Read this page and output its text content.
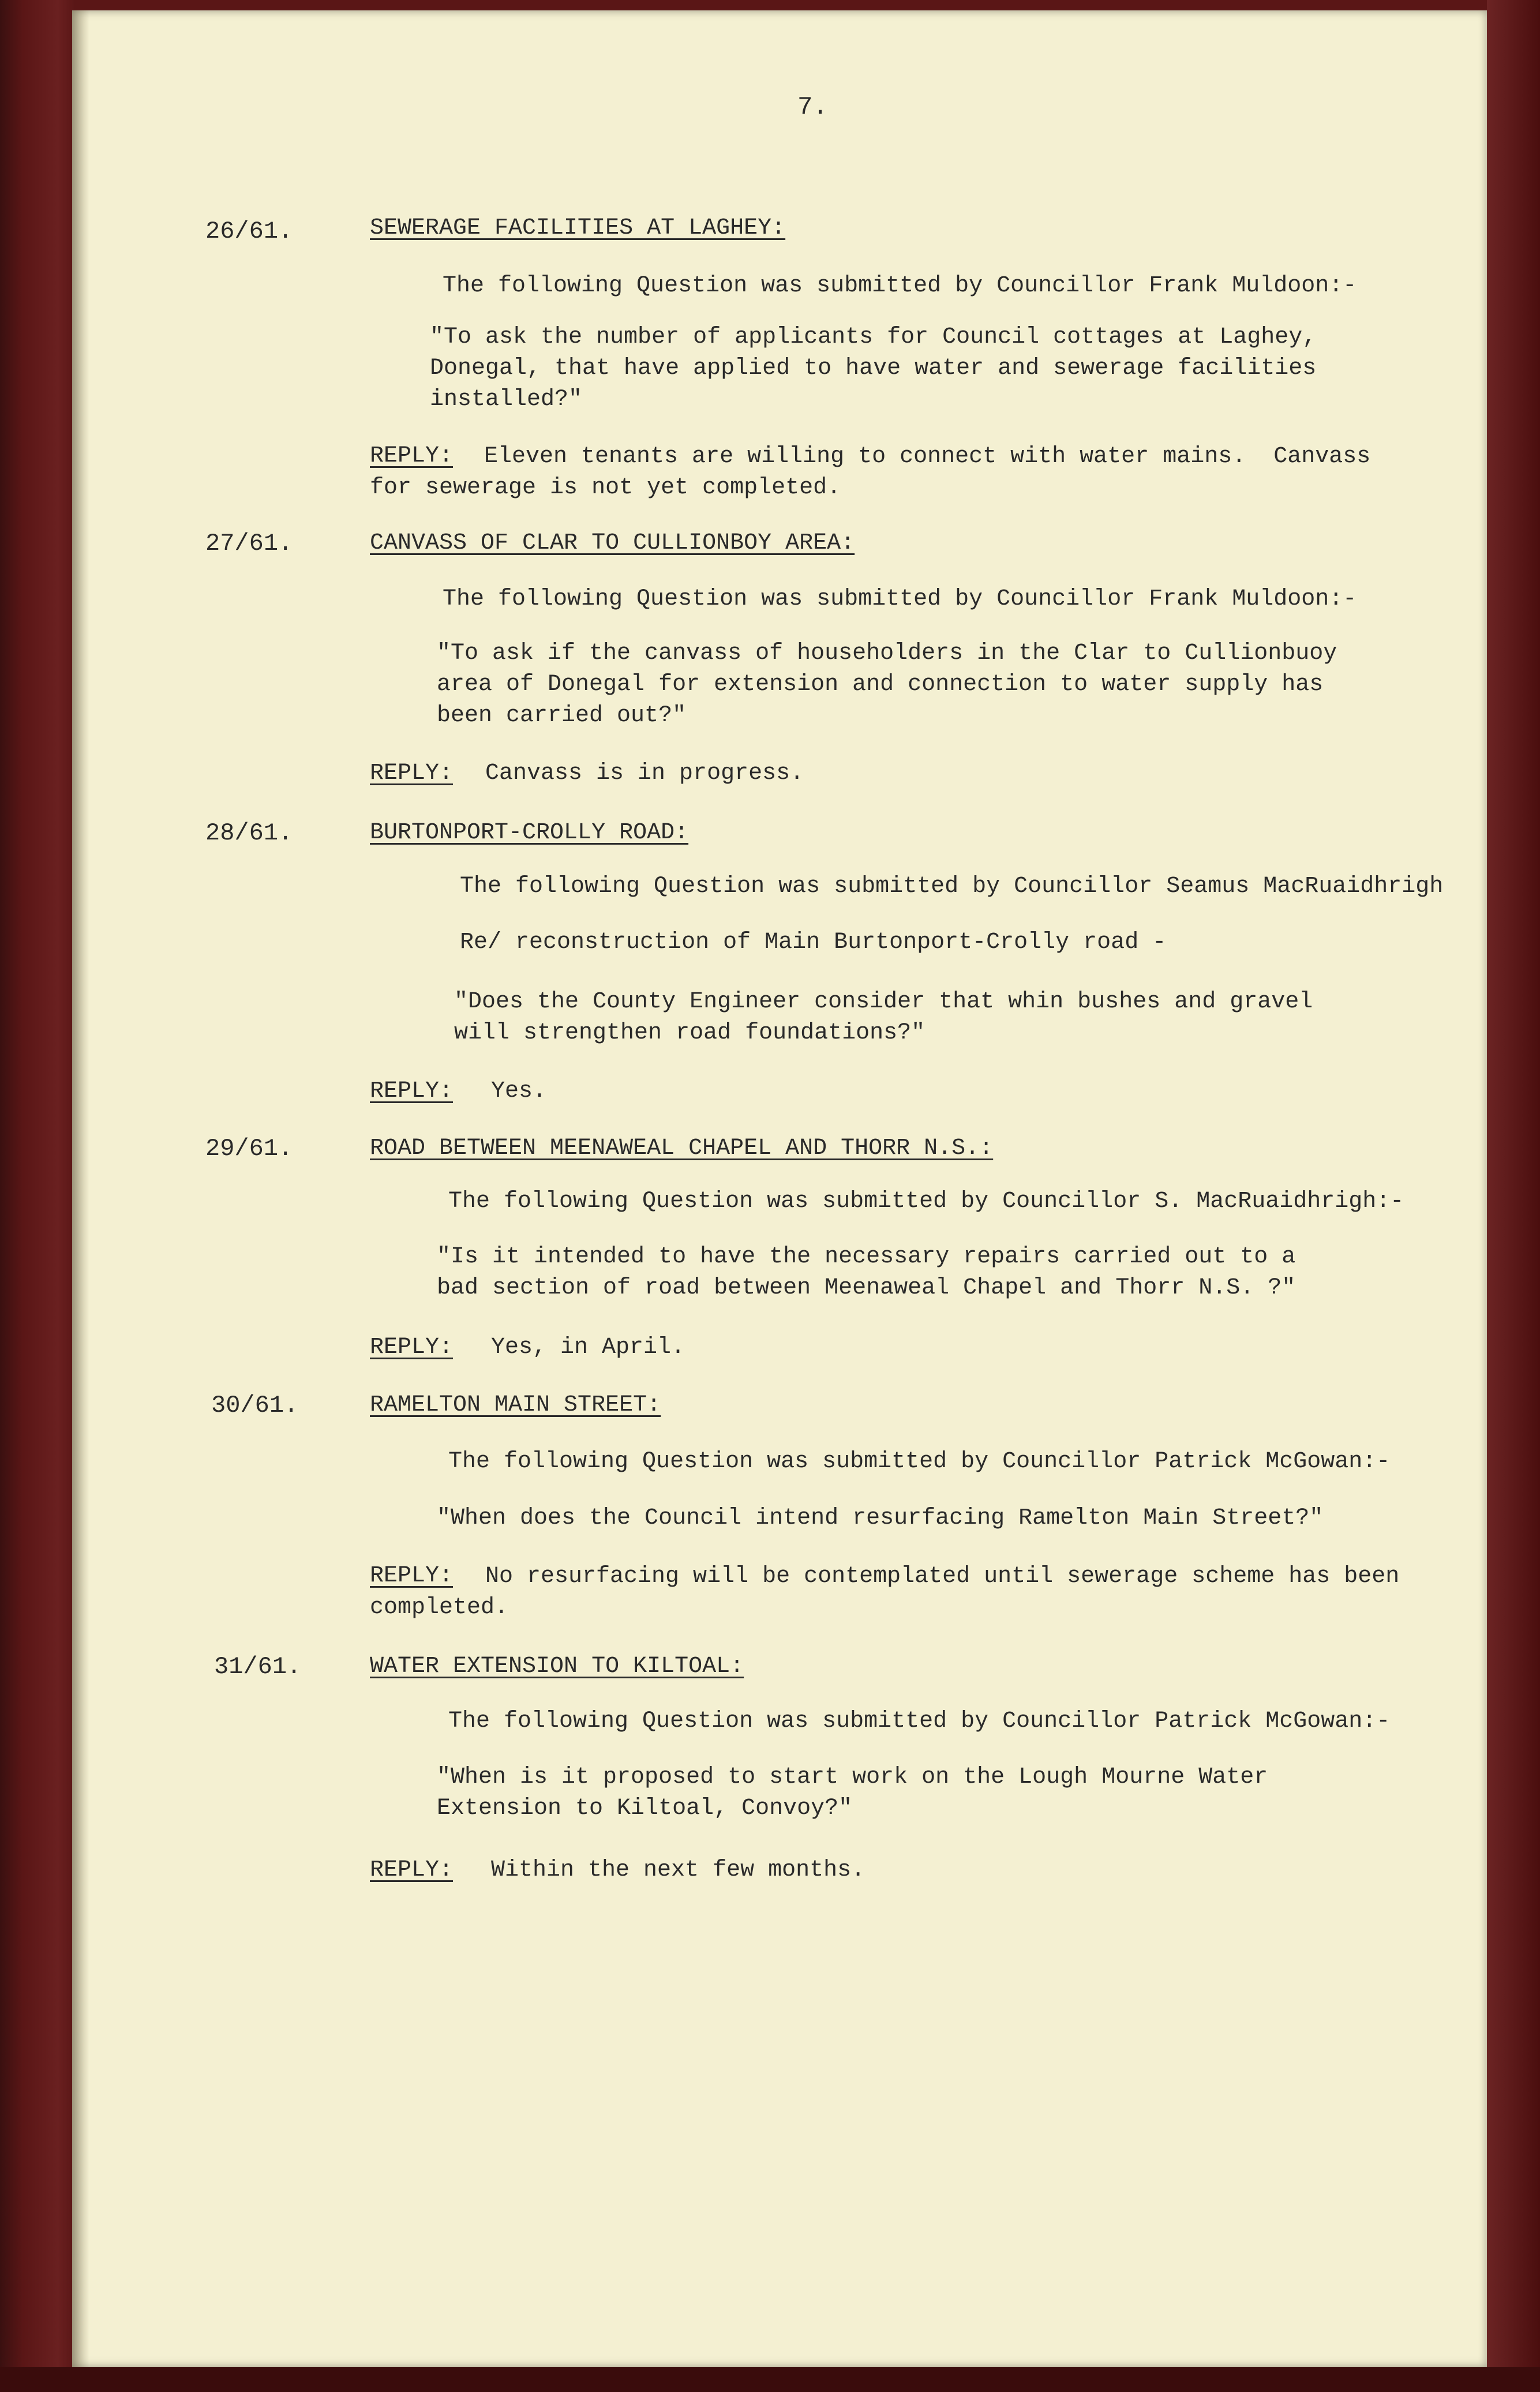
7.
26/61.	SEWERAGE FACILITIES AT LAGHEY:
The following Question was submitted by Councillor Frank Muldoon:-
"To ask the number of applicants for Council cottages at Laghey,
Donegal, that have applied to have water and sewerage facilities
installed?"
REPLY:	Eleven tenants are willing to connect with water mains.  Canvass
for sewerage is not yet completed.
27/61.	CANVASS OF CLAR TO CULLIONBOY AREA:
The following Question was submitted by Councillor Frank Muldoon:-
"To ask if the canvass of householders in the Clar to Cullionbuoy
area of Donegal for extension and connection to water supply has
been carried out?"
REPLY: Canvass is in progress.
28/61.	BURTONPORT-CROLLY ROAD:
The following Question was submitted by Councillor Seamus MacRuaidhrigh
Re/ reconstruction of Main Burtonport-Crolly road -
"Does the County Engineer consider that whin bushes and gravel
will strengthen road foundations?"
REPLY: Yes.
29/61.	ROAD BETWEEN MEENAWEAL CHAPEL AND THORR N.S.:
The following Question was submitted by Councillor S. MacRuaidhrigh:-
"Is it intended to have the necessary repairs carried out to a
bad section of road between Meenaweal Chapel and Thorr N.S. ?"
REPLY: Yes, in April.
30/61.	RAMELTON MAIN STREET:
The following Question was submitted by Councillor Patrick McGowan:-
"When does the Council intend resurfacing Ramelton Main Street?"
REPLY:	No resurfacing will be contemplated until sewerage scheme has been
completed.
31/61.	WATER EXTENSION TO KILTOAL:
The following Question was submitted by Councillor Patrick McGowan:-
"When is it proposed to start work on the Lough Mourne Water
Extension to Kiltoal, Convoy?"
REPLY: Within the next few months.
